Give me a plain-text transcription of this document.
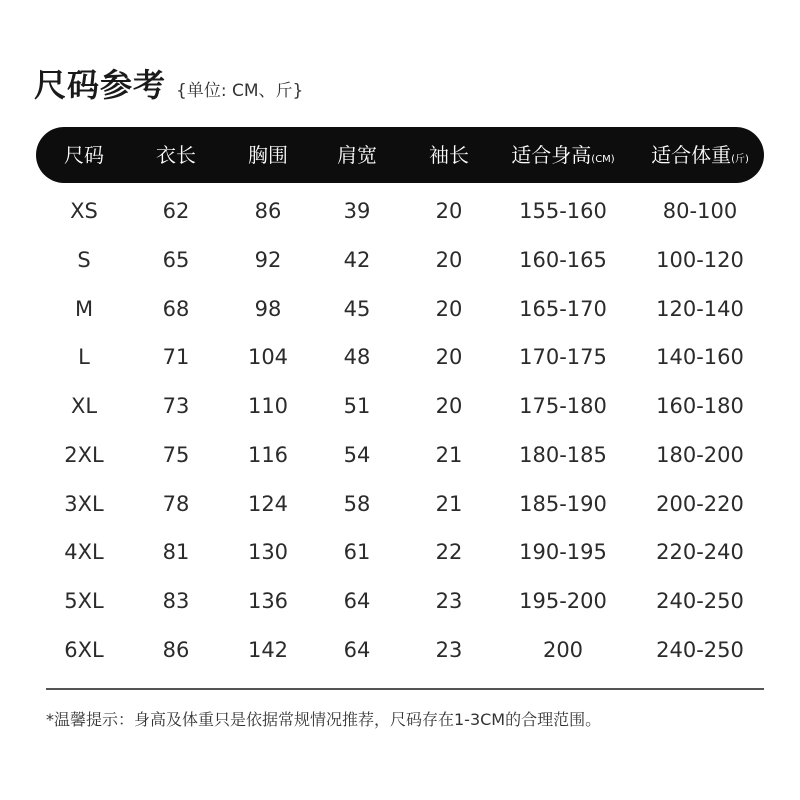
尺码参考 {单位: CM、斤}
尺码	衣长	胸围 肩宽	袖长 适合身高(CM) 适合体重(斤)
XS	62	86	39	20	155-160	80-100
S	65	92	42	20	160-165 100-120
M	68	98	45	20	165-170 120-140
L	71	104	48	20	170-175 140-160
XL	73	110	51	20	175-180 160-180
2XL	75	116	54	21	180-185 180-200
3XL	78	124	58	21	185-190 200-220
4XL	81	130	61	22	190-195 220-240
5XL	83	136	64	23	195-200 240-250
6XL	86	142	64	23	200	240-250
*温馨提示：身高及体重只是依据常规情况推荐，尺码存在1-3CM的合理范围。
